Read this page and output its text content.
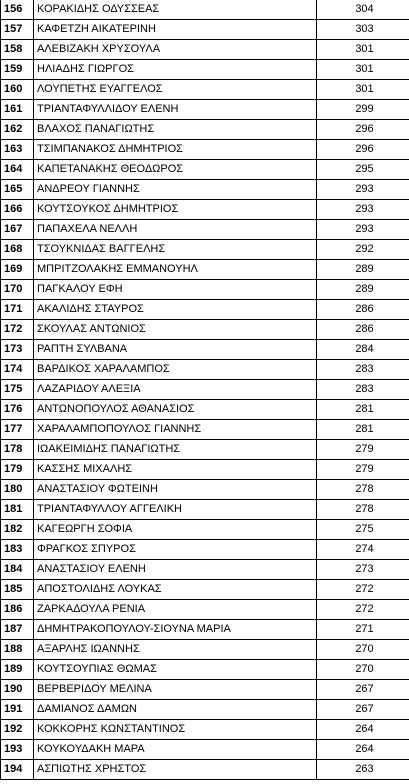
156	ΚΟΡΑΚΙΔΗΣ ΟΔΥΣΣΕΑΣ	304
157	ΚΑΦΕΤΖΗ ΑΙΚΑΤΕΡΙΝΗ	303
158	ΑΛΕΒΙΖΑΚΗ ΧΡΥΣΟΥΛΑ	301
159	ΗΛΙΑΔΗΣ ΓΙΩΡΓΟΣ	301
160	ΛΟΥΠΕΤΗΣ ΕΥΑΓΓΕΛΟΣ	301
161	ΤΡΙΑΝΤΑΦΥΛΛΙΔΟΥ ΕΛΕΝΗ	299
162	ΒΛΑΧΟΣ ΠΑΝΑΓΙΩΤΗΣ	296
163	ΤΣΙΜΠΑΝΑΚΟΣ ΔΗΜΗΤΡΙΟΣ	296
164	ΚΑΠΕΤΑΝΑΚΗΣ ΘΕΟΔΩΡΟΣ	295
165	ΑΝΔΡΕΟΥ ΓΙΑΝΝΗΣ	293
166	ΚΟΥΤΣΟΥΚΟΣ ΔΗΜΗΤΡΙΟΣ	293
167	ΠΑΠΑΧΕΛΑ ΝΕΛΛΗ	293
168	ΤΣΟΥΚΝΙΔΑΣ ΒΑΓΓΕΛΗΣ	292
169	ΜΠΡΙΤΖΟΛΑΚΗΣ ΕΜΜΑΝΟΥΗΛ	289
170	ΠΑΓΚΑΛΟΥ ΕΦΗ	289
171	ΑΚΑΛΙΔΗΣ ΣΤΑΥΡΟΣ	286
172	ΣΚΟΥΛΑΣ ΑΝΤΩΝΙΟΣ	286
173	ΡΑΠΤΗ ΣΥΛΒΑΝΑ	284
174	ΒΑΡΔΙΚΟΣ ΧΑΡΑΛΑΜΠΟΣ	283
175	ΛΑΖΑΡΙΔΟΥ ΑΛΕΞΙΑ	283
176	ΑΝΤΩΝΟΠΟΥΛΟΣ ΑΘΑΝΑΣΙΟΣ	281
177	ΧΑΡΑΛΑΜΠΟΠΟΥΛΟΣ ΓΙΑΝΝΗΣ	281
178	ΙΩΑΚΕΙΜΙΔΗΣ ΠΑΝΑΓΙΩΤΗΣ	279
179	ΚΑΣΣΗΣ ΜΙΧΑΛΗΣ	279
180	ΑΝΑΣΤΑΣΙΟΥ ΦΩΤΕΙΝΗ	278
181	ΤΡΙΑΝΤΑΦΥΛΛΟΥ ΑΓΓΕΛΙΚΗ	278
182	ΚΑΓΕΩΡΓΗ ΣΟΦΙΑ	275
183	ΦΡΑΓΚΟΣ ΣΠΥΡΟΣ	274
184	ΑΝΑΣΤΑΣΙΟΥ ΕΛΕΝΗ	273
185	ΑΠΟΣΤΟΛΙΔΗΣ ΛΟΥΚΑΣ	272
186	ΖΑΡΚΑΔΟΥΛΑ ΡΕΝΙΑ	272
187	ΔΗΜΗΤΡΑΚΟΠΟΥΛΟΥ-ΣΙΟΥΝΑ ΜΑΡΙΑ	271
188	ΑΞΑΡΛΗΣ ΙΩΑΝΝΗΣ	270
189	ΚΟΥΤΣΟΥΠΙΑΣ ΘΩΜΑΣ	270
190	ΒΕΡΒΕΡΙΔΟΥ ΜΕΛΙΝΑ	267
191	ΔΑΜΙΑΝΟΣ ΔΑΜΩΝ	267
192	ΚΟΚΚΟΡΗΣ ΚΩΝΣΤΑΝΤΙΝΟΣ	264
193	ΚΟΥΚΟΥΔΑΚΗ ΜΑΡΑ	264
194	ΑΣΠΙΩΤΗΣ ΧΡΗΣΤΟΣ	263
